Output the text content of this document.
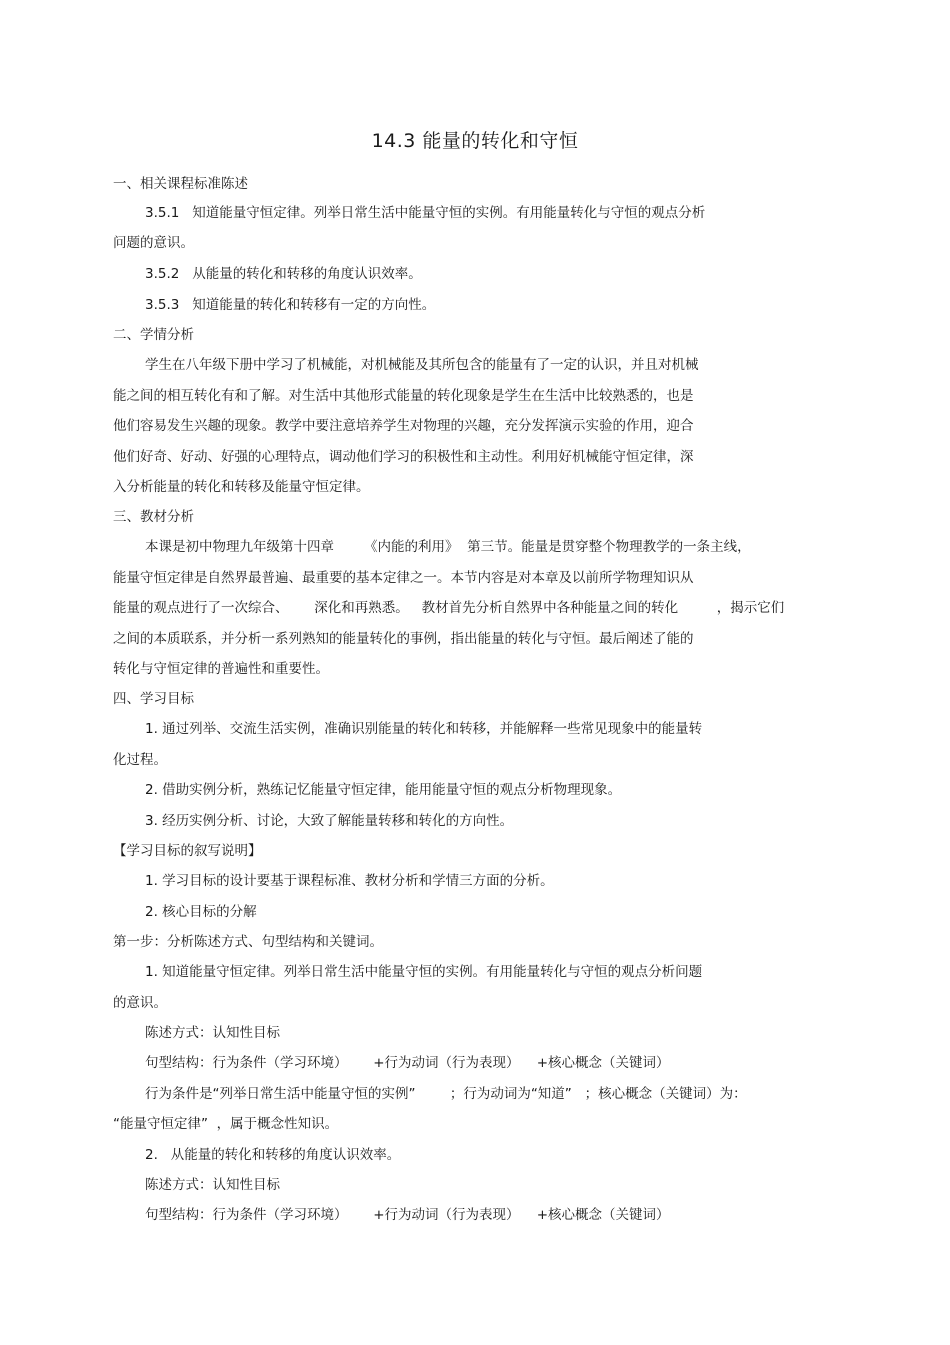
14.3 能量的转化和守恒
一、相关课程标准陈述
3.5.1   知道能量守恒定律。列举日常生活中能量守恒的实例。有用能量转化与守恒的观点分析
问题的意识。
3.5.2   从能量的转化和转移的角度认识效率。
3.5.3   知道能量的转化和转移有一定的方向性。
二、学情分析
学生在八年级下册中学习了机械能，对机械能及其所包含的能量有了一定的认识，并且对机械
能之间的相互转化有和了解。对生活中其他形式能量的转化现象是学生在生活中比较熟悉的，也是
他们容易发生兴趣的现象。教学中要注意培养学生对物理的兴趣，充分发挥演示实验的作用，迎合
他们好奇、好动、好强的心理特点，调动他们学习的积极性和主动性。利用好机械能守恒定律，深
入分析能量的转化和转移及能量守恒定律。
三、教材分析
本课是初中物理九年级第十四章       《内能的利用》  第三节。能量是贯穿整个物理教学的一条主线，
能量守恒定律是自然界最普遍、最重要的基本定律之一。本节内容是对本章及以前所学物理知识从
能量的观点进行了一次综合、      深化和再熟悉。   教材首先分析自然界中各种能量之间的转化         ，揭示它们
之间的本质联系，并分析一系列熟知的能量转化的事例，指出能量的转化与守恒。最后阐述了能的
转化与守恒定律的普遍性和重要性。
四、学习目标
1. 通过列举、交流生活实例，准确识别能量的转化和转移，并能解释一些常见现象中的能量转
化过程。
2. 借助实例分析，熟练记忆能量守恒定律，能用能量守恒的观点分析物理现象。
3. 经历实例分析、讨论，大致了解能量转移和转化的方向性。
【学习目标的叙写说明】
1. 学习目标的设计要基于课程标准、教材分析和学情三方面的分析。
2. 核心目标的分解
第一步：分析陈述方式、句型结构和关键词。
1. 知道能量守恒定律。列举日常生活中能量守恒的实例。有用能量转化与守恒的观点分析问题
的意识。
陈述方式：认知性目标
句型结构：行为条件（学习环境）      +行为动词（行为表现）    +核心概念（关键词）
行为条件是“列举日常生活中能量守恒的实例”        ；行为动词为“知道”   ；核心概念（关键词）为：
“能量守恒定律”  ，属于概念性知识。
2.   从能量的转化和转移的角度认识效率。
陈述方式：认知性目标
句型结构：行为条件（学习环境）      +行为动词（行为表现）    +核心概念（关键词）
